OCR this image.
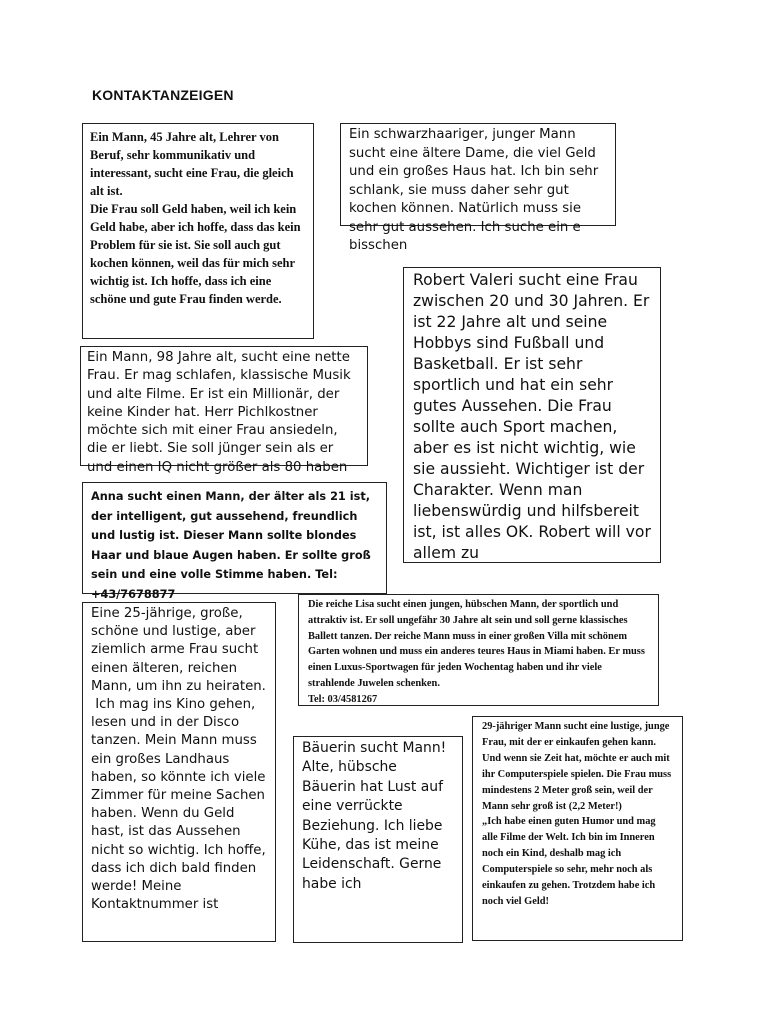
KONTAKTANZEIGEN

Die reiche Lisa sucht einen jungen, hübschen Mann, der sportlich und attraktiv ist. Er soll ungefähr 30 Jahre alt sein und soll gerne klassisches Ballett tanzen. Der reiche Mann muss in einer großen Villa mit schönem Garten wohnen und muss ein anderes teures Haus in Miami haben. Er muss einen Luxus-Sportwagen für jeden Wochentag haben und ihr viele strahlende Juwelen schenken.
Tel: 03/4581267

Ein Mann, 45 Jahre alt, Lehrer von Beruf, sehr kommunikativ und interessant, sucht eine Frau, die gleich alt ist.
Die Frau soll Geld haben, weil ich kein Geld habe, aber ich hoffe, dass das kein Problem für sie ist. Sie soll auch gut kochen können, weil das für mich sehr wichtig ist. Ich hoffe, dass ich eine schöne und gute Frau finden werde.

Ein schwarzhaariger, junger Mann sucht eine ältere Dame, die viel Geld und ein großes Haus hat. Ich bin sehr schlank, sie muss daher sehr gut kochen können. Natürlich muss sie sehr gut aussehen. Ich suche ein e bisschen

Robert Valeri sucht eine Frau zwischen 20 und 30 Jahren. Er ist 22 Jahre alt und seine Hobbys sind Fußball und Basketball. Er ist sehr sportlich und hat ein sehr gutes Aussehen. Die Frau sollte auch Sport machen, aber es ist nicht wichtig, wie sie aussieht. Wichtiger ist der Charakter. Wenn man liebenswürdig und hilfsbereit ist, ist alles OK. Robert will vor allem zu

Ein Mann, 98 Jahre alt, sucht eine nette Frau. Er mag schlafen, klassische Musik und alte Filme. Er ist ein Millionär, der keine Kinder hat. Herr Pichlkostner möchte sich mit einer Frau ansiedeln, die er liebt. Sie soll jünger sein als er und einen IQ nicht größer als 80 haben

Anna sucht einen Mann, der älter als 21 ist, der intelligent, gut aussehend, freundlich und lustig ist. Dieser Mann sollte blondes Haar und blaue Augen haben. Er sollte groß sein und eine volle Stimme haben. Tel: +43/7678877

Eine 25-jährige, große, schöne und lustige, aber ziemlich arme Frau sucht einen älteren, reichen Mann, um ihn zu heiraten.
Ich mag ins Kino gehen, lesen und in der Disco tanzen. Mein Mann muss ein großes Landhaus haben, so könnte ich viele Zimmer für meine Sachen haben. Wenn du Geld hast, ist das Aussehen nicht so wichtig. Ich hoffe, dass ich dich bald finden werde! Meine Kontaktnummer ist

Bäuerin sucht Mann!
Alte, hübsche Bäuerin hat Lust auf eine verrückte Beziehung. Ich liebe Kühe, das ist meine Leidenschaft. Gerne habe ich

29-jähriger Mann sucht eine lustige, junge Frau, mit der er einkaufen gehen kann. Und wenn sie Zeit hat, möchte er auch mit ihr Computerspiele spielen. Die Frau muss mindestens 2 Meter groß sein, weil der Mann sehr groß ist (2,2 Meter!)
„Ich habe einen guten Humor und mag alle Filme der Welt. Ich bin im Inneren noch ein Kind, deshalb mag ich Computerspiele so sehr, mehr noch als einkaufen zu gehen. Trotzdem habe ich noch viel Geld!
